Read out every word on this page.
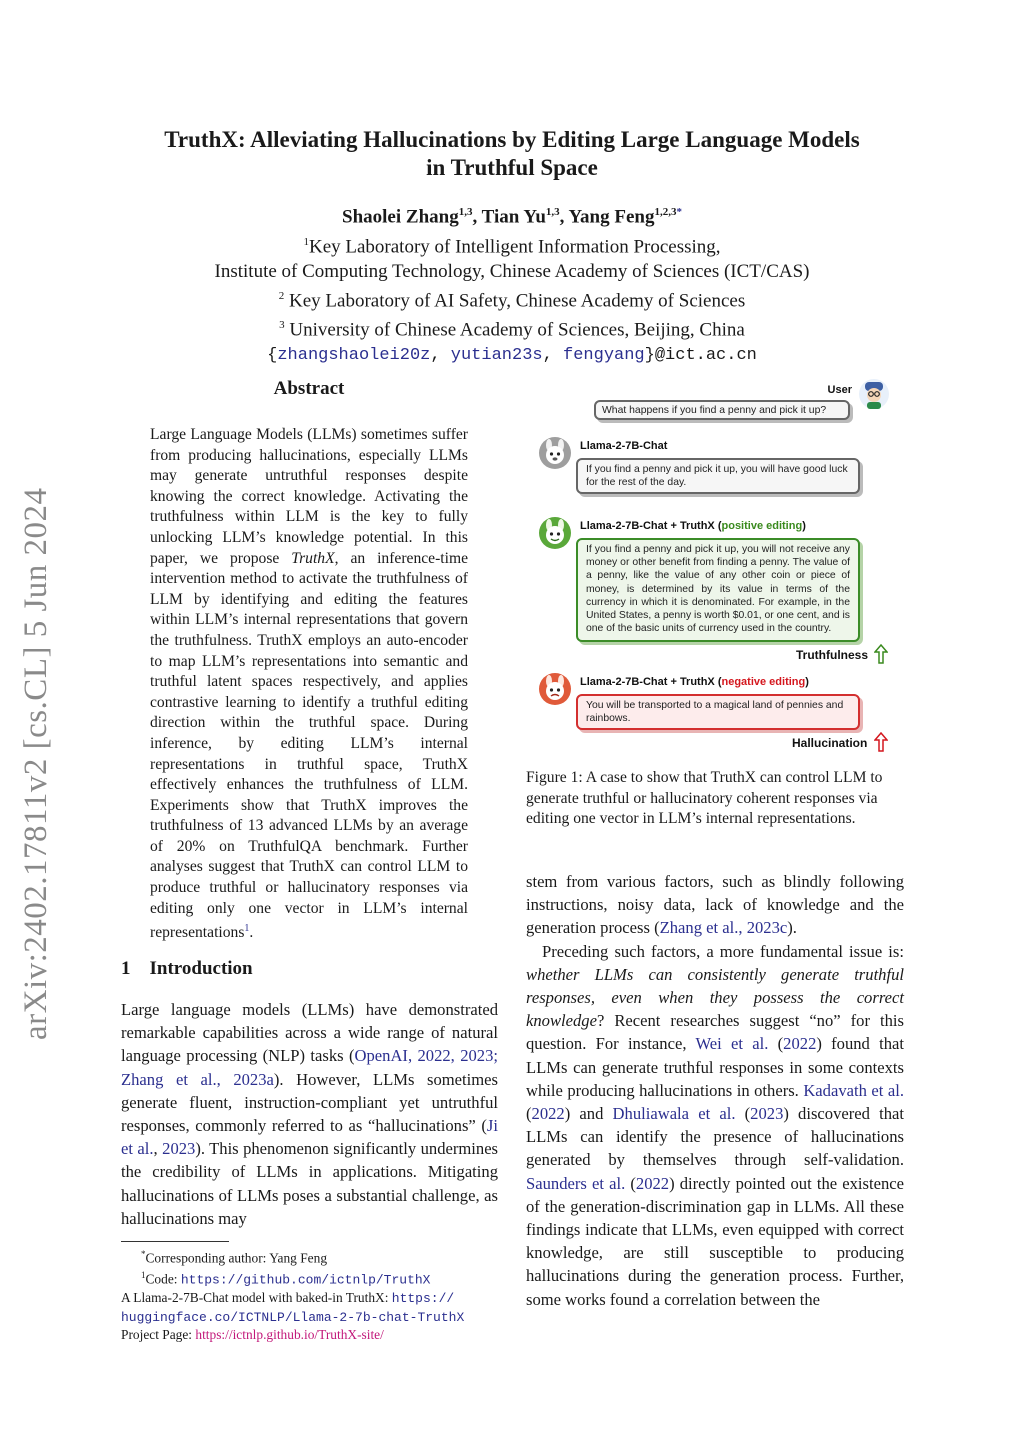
TruthX: Alleviating Hallucinations by Editing Large Language Models
in Truthful Space
Shaolei Zhang$^{1,3}$, Tian Yu$^{1,3}$, Yang Feng$^{1,2,3*}$
$^1$Key Laboratory of Intelligent Information Processing,
Institute of Computing Technology, Chinese Academy of Sciences (ICT/CAS)
$^2$ Key Laboratory of AI Safety, Chinese Academy of Sciences
$^3$ University of Chinese Academy of Sciences, Beijing, China
{zhangshaolei20z, yutian23s, fengyang}@ict.ac.cn
arXiv:2402.17811v2 [cs.CL] 5 Jun 2024
Abstract
Large Language Models (LLMs) sometimes suffer from producing hallucinations, especially LLMs may generate untruthful responses despite knowing the correct knowledge. Activating the truthfulness within LLM is the key to fully unlocking LLM’s knowledge potential. In this paper, we propose TruthX, an inference-time intervention method to activate the truthfulness of LLM by identifying and editing the features within LLM’s internal representations that govern the truthfulness. TruthX employs an auto-encoder to map LLM’s representations into semantic and truthful latent spaces respectively, and applies contrastive learning to identify a truthful editing direction within the truthful space. During inference, by editing LLM’s internal representations in truthful space, TruthX effectively enhances the truthfulness of LLM. Experiments show that TruthX improves the truthfulness of 13 advanced LLMs by an average of 20% on TruthfulQA benchmark. Further analyses suggest that TruthX can control LLM to produce truthful or hallucinatory responses via editing only one vector in LLM’s internal representations$^1$.
1 Introduction
Large language models (LLMs) have demonstrated remarkable capabilities across a wide range of natural language processing (NLP) tasks (OpenAI, 2022, 2023; Zhang et al., 2023a). However, LLMs sometimes generate fluent, instruction-compliant yet untruthful responses, commonly referred to as “hallucinations” (Ji et al., 2023). This phenomenon significantly undermines the credibility of LLMs in applications. Mitigating hallucinations of LLMs poses a substantial challenge, as hallucinations may
*Corresponding author: Yang Feng
$^1$Code: https://github.com/ictnlp/TruthX
A Llama-2-7B-Chat model with baked-in TruthX: https://
huggingface.co/ICTNLP/Llama-2-7b-chat-TruthX
Project Page: https://ictnlp.github.io/TruthX-site/
User
What happens if you find a penny and pick it up?
Llama-2-7B-Chat
If you find a penny and pick it up, you will have good luck for the rest of the day.
Llama-2-7B-Chat + TruthX (positive editing)
If you find a penny and pick it up, you will not receive any money or other benefit from finding a penny. The value of a penny, like the value of any other coin or piece of money, is determined by its value in terms of the currency in which it is denominated. For example, in the United States, a penny is worth $0.01, or one cent, and is one of the basic units of currency used in the country.
Truthfulness
Llama-2-7B-Chat + TruthX (negative editing)
You will be transported to a magical land of pennies and rainbows.
Hallucination
Figure 1: A case to show that TruthX can control LLM to generate truthful or hallucinatory coherent responses via editing one vector in LLM’s internal representations.

stem from various factors, such as blindly following instructions, noisy data, lack of knowledge and the generation process (Zhang et al., 2023c).

Preceding such factors, a more fundamental issue is: whether LLMs can consistently generate truthful responses, even when they possess the correct knowledge? Recent researches suggest “no” for this question. For instance, Wei et al. (2022) found that LLMs can generate truthful responses in some contexts while producing hallucinations in others. Kadavath et al. (2022) and Dhuliawala et al. (2023) discovered that LLMs can identify the presence of hallucinations generated by themselves through self-validation. Saunders et al. (2022) directly pointed out the existence of the generation-discrimination gap in LLMs. All these findings indicate that LLMs, even equipped with correct knowledge, are still susceptible to producing hallucinations during the generation process. Further, some works found a correlation between the
